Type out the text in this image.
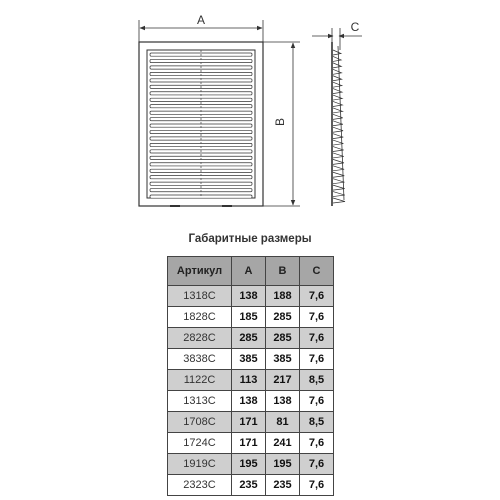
A
B
C
Габаритные размеры
Артикул	A	B	C
1318C	138	188	7,6
1828C	185	285	7,6
2828C	285	285	7,6
3838C	385	385	7,6
1122C	113	217	8,5
1313C	138	138	7,6
1708C	171	81	8,5
1724C	171	241	7,6
1919C	195	195	7,6
2323C	235	235	7,6
